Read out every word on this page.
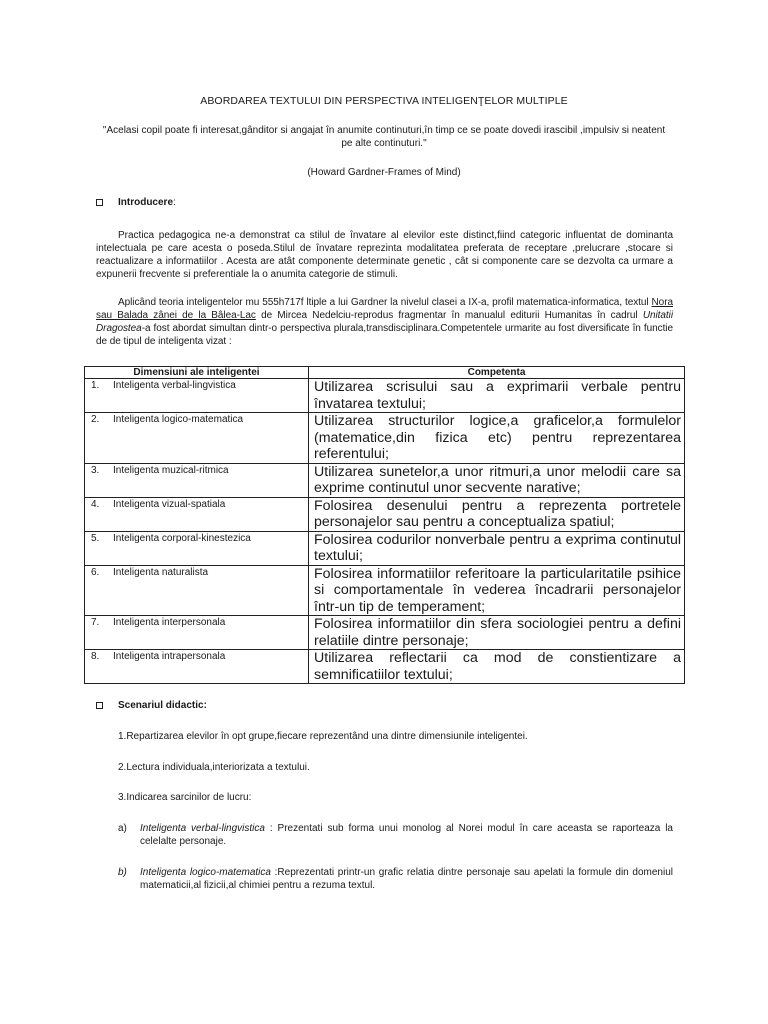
ABORDAREA TEXTULUI DIN PERSPECTIVA INTELIGENŢELOR MULTIPLE
"Acelasi copil poate fi interesat,gânditor si angajat în anumite continuturi,în timp ce se poate dovedi irascibil ,impulsiv si neatent pe alte continuturi."
(Howard Gardner-Frames of Mind)
Introducere :
Practica pedagogica ne-a demonstrat ca stilul de învatare al elevilor este distinct,fiind categoric influentat de dominanta intelectuala pe care acesta o poseda.Stilul de învatare reprezinta modalitatea preferata de receptare ,prelucrare ,stocare si reactualizare a informatiilor . Acesta are atât componente determinate genetic , cât si componente care se dezvolta ca urmare a expunerii frecvente si preferentiale la o anumita categorie de stimuli.
Aplicând teoria inteligentelor mu 555h717f ltiple a lui Gardner la nivelul clasei a IX-a, profil matematica-informatica, textul Nora sau Balada zânei de la Bâlea-Lac de Mircea Nedelciu-reprodus fragmentar în manualul editurii Humanitas în cadrul Unitatii Dragostea-a fost abordat simultan dintr-o perspectiva plurala,transdisciplinara.Competentele urmarite au fost diversificate în functie de de tipul de inteligenta vizat :
Dimensiuni ale inteligentei	Competenta
1. Inteligenta verbal-lingvistica	Utilizarea scrisului sau a exprimarii verbale pentru învatarea textului;
2. Inteligenta logico-matematica	Utilizarea structurilor logice,a graficelor,a formulelor (matematice,din fizica etc) pentru reprezentarea referentului;
3. Inteligenta muzical-ritmica	Utilizarea sunetelor,a unor ritmuri,a unor melodii care sa exprime continutul unor secvente narative;
4. Inteligenta vizual-spatiala	Folosirea desenului pentru a reprezenta portretele personajelor sau pentru a conceptualiza spatiul;
5. Inteligenta corporal-kinestezica	Folosirea codurilor nonverbale pentru a exprima continutul textului;
6. Inteligenta naturalista	Folosirea informatiilor referitoare la particularitatile psihice si comportamentale în vederea încadrarii personajelor într-un tip de temperament;
7. Inteligenta interpersonala	Folosirea informatiilor din sfera sociologiei pentru a defini relatiile dintre personaje;
8. Inteligenta intrapersonala	Utilizarea reflectarii ca mod de constientizare a semnificatiilor textului;
Scenariul didactic:
1.Repartizarea elevilor în opt grupe,fiecare reprezentând una dintre dimensiunile inteligentei.
2.Lectura individuala,interiorizata a textului.
3.Indicarea sarcinilor de lucru:
a)	Inteligenta verbal-lingvistica : Prezentati sub forma unui monolog al Norei modul în care aceasta se raporteaza la celelalte personaje.
b)	Inteligenta logico-matematica :Reprezentati printr-un grafic relatia dintre personaje sau apelati la formule din domeniul matematicii,al fizicii,al chimiei pentru a rezuma textul.
